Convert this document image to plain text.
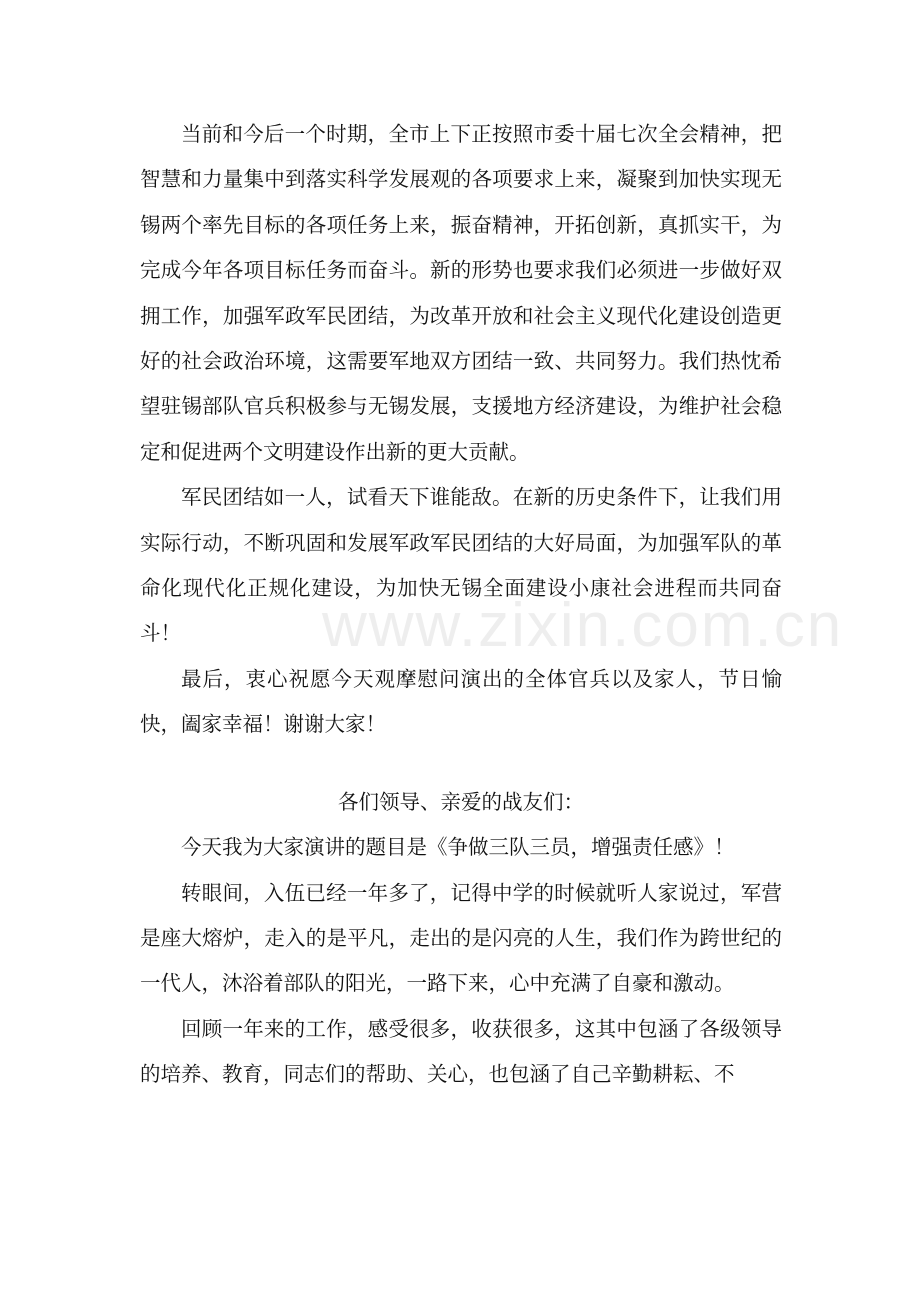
www.zixin.com.cn

当前和今后一个时期，全市上下正按照市委十届七次全会精神，把智慧和力量集中到落实科学发展观的各项要求上来，凝聚到加快实现无锡两个率先目标的各项任务上来，振奋精神，开拓创新，真抓实干，为完成今年各项目标任务而奋斗。新的形势也要求我们必须进一步做好双拥工作，加强军政军民团结，为改革开放和社会主义现代化建设创造更好的社会政治环境，这需要军地双方团结一致、共同努力。我们热忱希望驻锡部队官兵积极参与无锡发展，支援地方经济建设，为维护社会稳定和促进两个文明建设作出新的更大贡献。

军民团结如一人，试看天下谁能敌。在新的历史条件下，让我们用实际行动，不断巩固和发展军政军民团结的大好局面，为加强军队的革命化现代化正规化建设，为加快无锡全面建设小康社会进程而共同奋斗！

最后，衷心祝愿今天观摩慰问演出的全体官兵以及家人，节日愉快，阖家幸福！谢谢大家！

各们领导、亲爱的战友们：

今天我为大家演讲的题目是《争做三队三员，增强责任感》！

转眼间，入伍已经一年多了，记得中学的时候就听人家说过，军营是座大熔炉，走入的是平凡，走出的是闪亮的人生，我们作为跨世纪的一代人，沐浴着部队的阳光，一路下来，心中充满了自豪和激动。

回顾一年来的工作，感受很多，收获很多，这其中包涵了各级领导的培养、教育，同志们的帮助、关心，也包涵了自己辛勤耕耘、不
